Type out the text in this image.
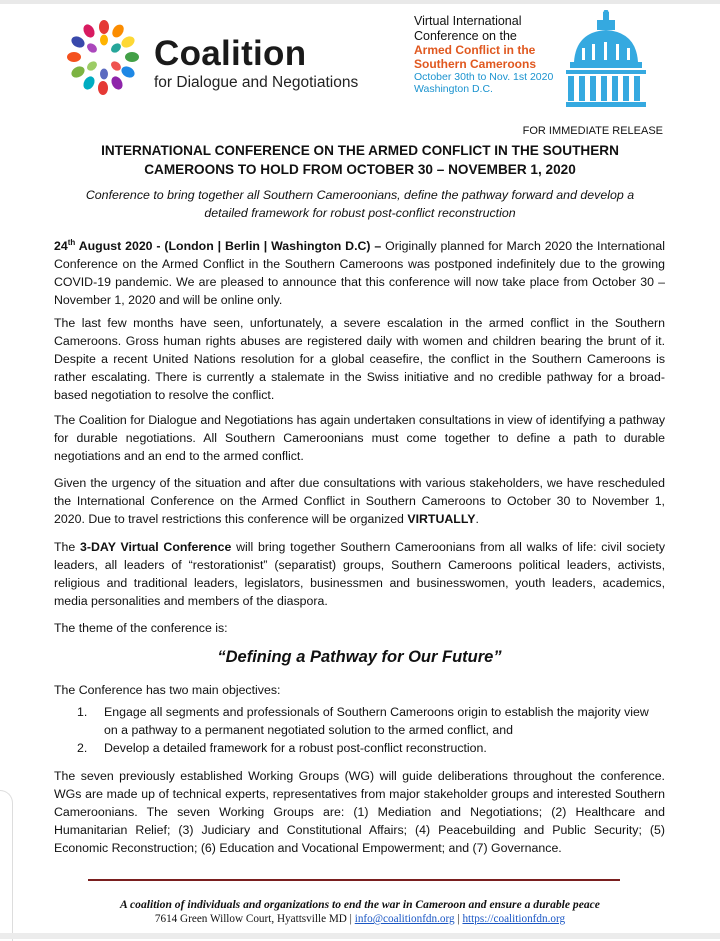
Coalition
for Dialogue and Negotiations
Virtual International
Conference on the
Armed Conflict in the
Southern Cameroons
October 30th to Nov. 1st 2020
Washington D.C.
FOR IMMEDIATE RELEASE
INTERNATIONAL CONFERENCE ON THE ARMED CONFLICT IN THE SOUTHERN
CAMEROONS TO HOLD FROM OCTOBER 30 – NOVEMBER 1, 2020
Conference to bring together all Southern Cameroonians, define the pathway forward and develop a
detailed framework for robust post-conflict reconstruction

24th August 2020 - (London | Berlin | Washington D.C) – Originally planned for March 2020 the International Conference on the Armed Conflict in the Southern Cameroons was postponed indefinitely due to the growing COVID-19 pandemic. We are pleased to announce that this conference will now take place from October 30 – November 1, 2020 and will be online only.

The last few months have seen, unfortunately, a severe escalation in the armed conflict in the Southern Cameroons. Gross human rights abuses are registered daily with women and children bearing the brunt of it. Despite a recent United Nations resolution for a global ceasefire, the conflict in the Southern Cameroons is rather escalating. There is currently a stalemate in the Swiss initiative and no credible pathway for a broad-based negotiation to resolve the conflict.

The Coalition for Dialogue and Negotiations has again undertaken consultations in view of identifying a pathway for durable negotiations. All Southern Cameroonians must come together to define a path to durable negotiations and an end to the armed conflict.

Given the urgency of the situation and after due consultations with various stakeholders, we have rescheduled the International Conference on the Armed Conflict in Southern Cameroons to October 30 to November 1, 2020. Due to travel restrictions this conference will be organized VIRTUALLY.

The 3-DAY Virtual Conference will bring together Southern Cameroonians from all walks of life: civil society leaders, all leaders of “restorationist” (separatist) groups, Southern Cameroons political leaders, activists, religious and traditional leaders, legislators, businessmen and businesswomen, youth leaders, academics, media personalities and members of the diaspora.

The theme of the conference is:

“Defining a Pathway for Our Future”

The Conference has two main objectives:

1. Engage all segments and professionals of Southern Cameroons origin to establish the majority view on a pathway to a permanent negotiated solution to the armed conflict, and
2. Develop a detailed framework for a robust post-conflict reconstruction.

The seven previously established Working Groups (WG) will guide deliberations throughout the conference. WGs are made up of technical experts, representatives from major stakeholder groups and interested Southern Cameroonians. The seven Working Groups are: (1) Mediation and Negotiations; (2) Healthcare and Humanitarian Relief; (3) Judiciary and Constitutional Affairs; (4) Peacebuilding and Public Security; (5) Economic Reconstruction; (6) Education and Vocational Empowerment; and (7) Governance.

A coalition of individuals and organizations to end the war in Cameroon and ensure a durable peace
7614 Green Willow Court, Hyattsville MD | info@coalitionfdn.org | https://coalitionfdn.org
